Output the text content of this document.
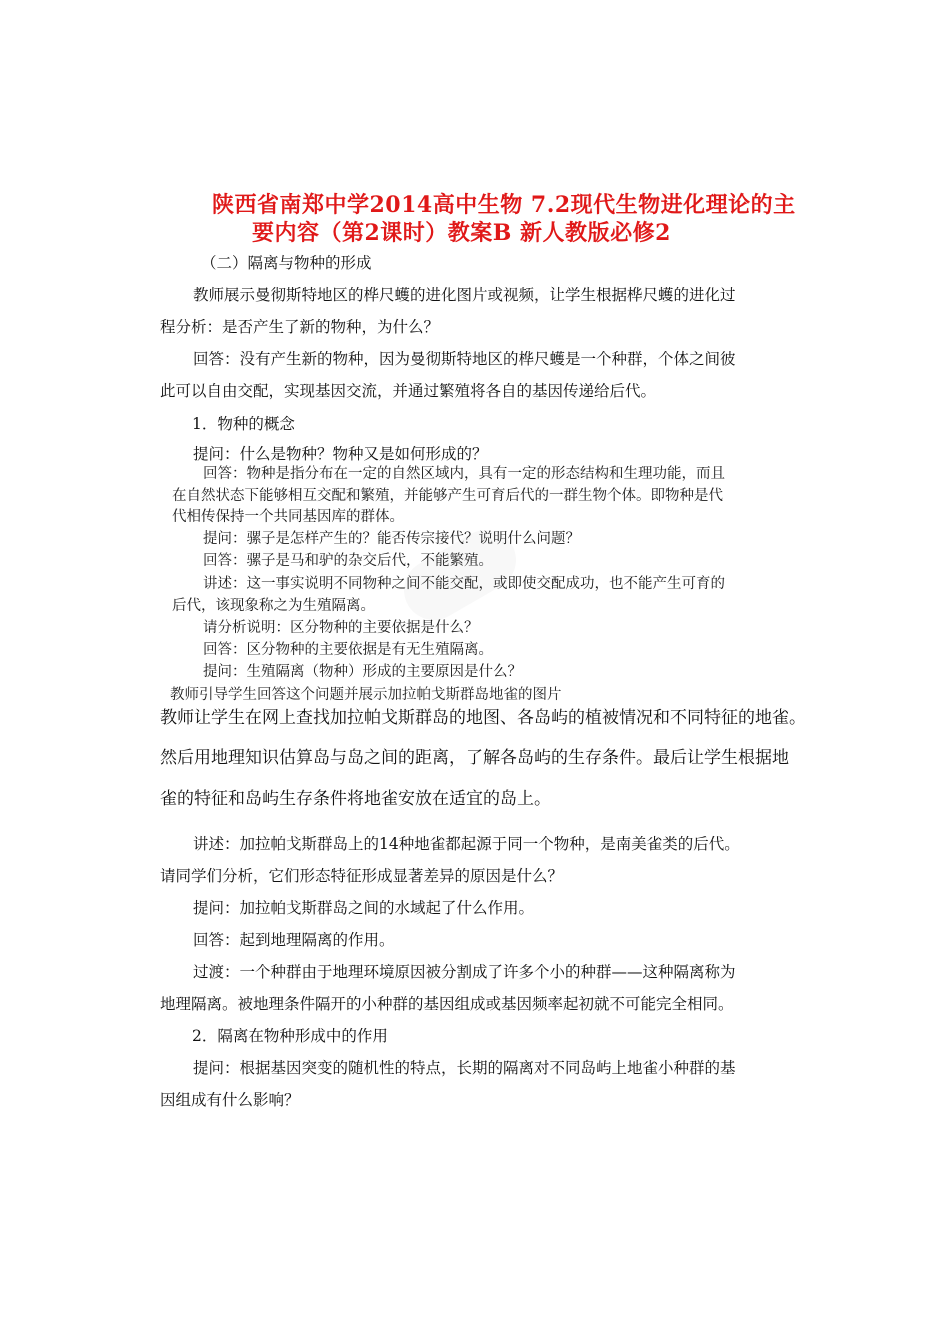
陕西省南郑中学2014高中生物 7.2现代生物进化理论的主
要内容（第2课时）教案B 新人教版必修2
（二）隔离与物种的形成
教师展示曼彻斯特地区的桦尺蠖的进化图片或视频，让学生根据桦尺蠖的进化过
程分析：是否产生了新的物种，为什么？
回答：没有产生新的物种，因为曼彻斯特地区的桦尺蠖是一个种群，个体之间彼
此可以自由交配，实现基因交流，并通过繁殖将各自的基因传递给后代。
1．物种的概念
提问：什么是物种？物种又是如何形成的？
回答：物种是指分布在一定的自然区域内，具有一定的形态结构和生理功能，而且
在自然状态下能够相互交配和繁殖，并能够产生可育后代的一群生物个体。即物种是代
代相传保持一个共同基因库的群体。
提问：骡子是怎样产生的？能否传宗接代？说明什么问题？
回答：骡子是马和驴的杂交后代，不能繁殖。
讲述：这一事实说明不同物种之间不能交配，或即使交配成功，也不能产生可育的
后代，该现象称之为生殖隔离。
请分析说明：区分物种的主要依据是什么？
回答：区分物种的主要依据是有无生殖隔离。
提问：生殖隔离（物种）形成的主要原因是什么？
教师引导学生回答这个问题并展示加拉帕戈斯群岛地雀的图片
教师让学生在网上查找加拉帕戈斯群岛的地图、各岛屿的植被情况和不同特征的地雀。
然后用地理知识估算岛与岛之间的距离，了解各岛屿的生存条件。最后让学生根据地
雀的特征和岛屿生存条件将地雀安放在适宜的岛上。
讲述：加拉帕戈斯群岛上的14种地雀都起源于同一个物种，是南美雀类的后代。
请同学们分析，它们形态特征形成显著差异的原因是什么？
提问：加拉帕戈斯群岛之间的水域起了什么作用。
回答：起到地理隔离的作用。
过渡：一个种群由于地理环境原因被分割成了许多个小的种群——这种隔离称为
地理隔离。被地理条件隔开的小种群的基因组成或基因频率起初就不可能完全相同。
2．隔离在物种形成中的作用
提问：根据基因突变的随机性的特点，长期的隔离对不同岛屿上地雀小种群的基
因组成有什么影响？
